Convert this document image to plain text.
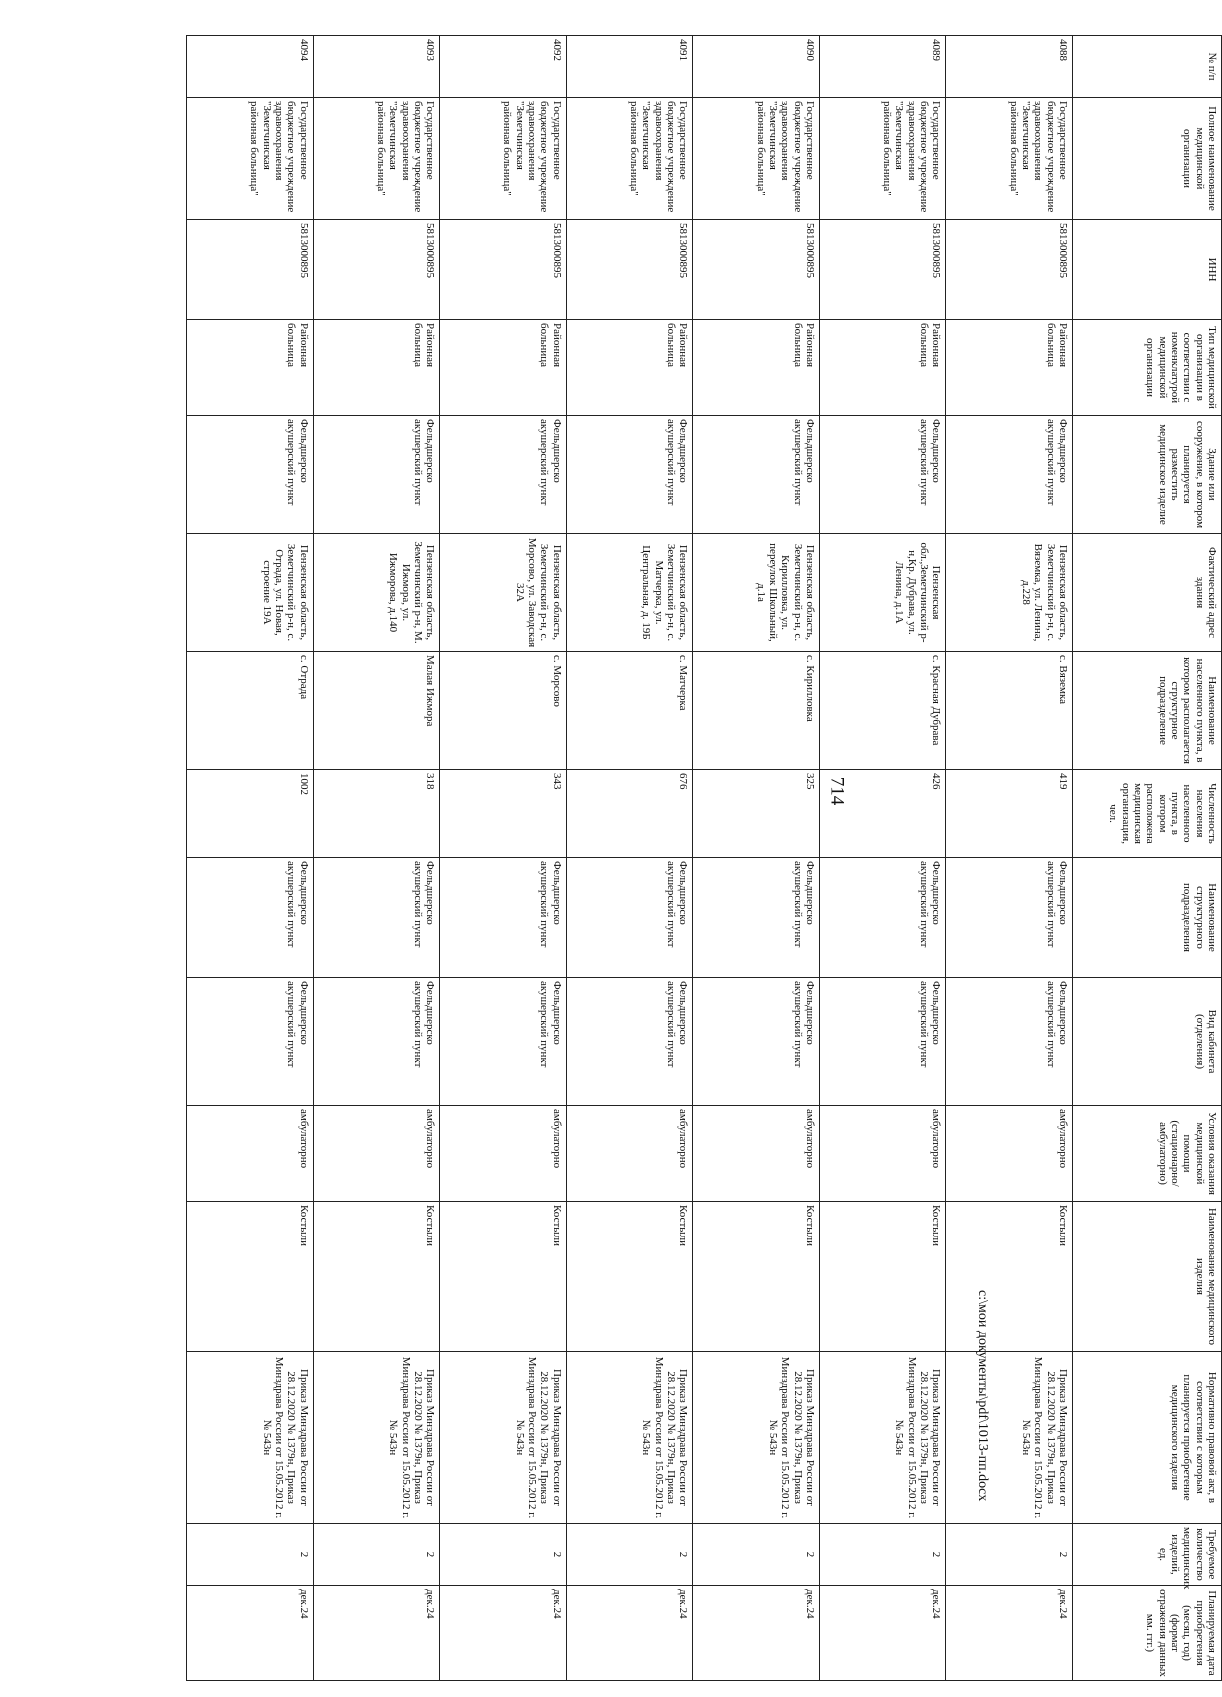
714
c:\мои документы\pdf\1013-пп.docx
№ п/п	Полное наименование медицинской организации	ИНН	Тип медицинской организации в соответствии с номенклатурой медицинской организации	Здание или сооружение, в котором планируется разместить медицинское изделие	Фактический адрес здания	Наименование населенного пункта, в котором располагается структурное подразделение	Численность населения населенного пункта, в котором расположена медицинская организация, чел.	Наименование структурного подразделения	Вид кабинета (отделения)	Условия оказания медицинской помощи (стационарно/ амбулаторно)	Наименование медицинского изделия	Нормативно правовой акт, в соответствии с которым планируется приобретение медицинского изделия	Требуемое количество медицинских изделий, ед.	Планируемая дата приобретения (месяц, год) (формат отражения данных мм. ггг.)
4088	Государственное бюджетное учреждение здравоохранения "Земетчинская районная больница"	5813000895	Районная больница	Фельдшерско акушерский пункт	Пензенская область, Земетчинский р-н, с. Вяземка, ул. Ленина, д.228	с. Вяземка	419	Фельдшерско акушерский пункт	Фельдшерско акушерский пункт	амбулаторно	Костыли	Приказ Минздрава России от 28.12.2020 № 1379н, Приказ Минздрава России от 15.05.2012 г. № 543н	2	дек.24
4089	Государственное бюджетное учреждение здравоохранения "Земетчинская районная больница"	5813000895	Районная больница	Фельдшерско акушерский пункт	Пензенская обл.,Земетчинский р-н,Кр. Дубрава, ул. Ленина, д.1А	с. Красная Дубрава	426	Фельдшерско акушерский пункт	Фельдшерско акушерский пункт	амбулаторно	Костыли	Приказ Минздрава России от 28.12.2020 № 1379н, Приказ Минздрава России от 15.05.2012 г. № 543н	2	дек.24
4090	Государственное бюджетное учреждение здравоохранения "Земетчинская районная больница"	5813000895	Районная больница	Фельдшерско акушерский пункт	Пензенская область, Земетчинский р-н, с. Кирилловка, ул. переулок Школьный, д.1а	с. Кирилловка	325	Фельдшерско акушерский пункт	Фельдшерско акушерский пункт	амбулаторно	Костыли	Приказ Минздрава России от 28.12.2020 № 1379н, Приказ Минздрава России от 15.05.2012 г. № 543н	2	дек.24
4091	Государственное бюджетное учреждение здравоохранения "Земетчинская районная больница"	5813000895	Районная больница	Фельдшерско акушерский пункт	Пензенская область, Земетчинский р-н, с. Матчерка, ул. Центральная, д. 19Б	с. Матчерка	676	Фельдшерско акушерский пункт	Фельдшерско акушерский пункт	амбулаторно	Костыли	Приказ Минздрава России от 28.12.2020 № 1379н, Приказ Минздрава России от 15.05.2012 г. № 543н	2	дек.24
4092	Государственное бюджетное учреждение здравоохранения "Земетчинская районная больница"	5813000895	Районная больница	Фельдшерско акушерский пункт	Пензенская область, Земетчинский р-н, с. Морсово, ул. Заводская 32А	с. Морсово	343	Фельдшерско акушерский пункт	Фельдшерско акушерский пункт	амбулаторно	Костыли	Приказ Минздрава России от 28.12.2020 № 1379н, Приказ Минздрава России от 15.05.2012 г. № 543н	2	дек.24
4093	Государственное бюджетное учреждение здравоохранения "Земетчинская районная больница"	5813000895	Районная больница	Фельдшерско акушерский пункт	Пензенская область, Земетчинский р-н, М. Ижмора, ул. Ижморова, д.140	Малая Ижмора	318	Фельдшерско акушерский пункт	Фельдшерско акушерский пункт	амбулаторно	Костыли	Приказ Минздрава России от 28.12.2020 № 1379н, Приказ Минздрава России от 15.05.2012 г. № 543н	2	дек.24
4094	Государственное бюджетное учреждение здравоохранения "Земетчинская районная больница"	5813000895	Районная больница	Фельдшерско акушерский пункт	Пензенская область, Земетчинский р-н, с. Отрада, ул. Новая, строение 19А	с. Отрада	1002	Фельдшерско акушерский пункт	Фельдшерско акушерский пункт	амбулаторно	Костыли	Приказ Минздрава России от 28.12.2020 № 1379н, Приказ Минздрава России от 15.05.2012 г. № 543н	2	дек.24
